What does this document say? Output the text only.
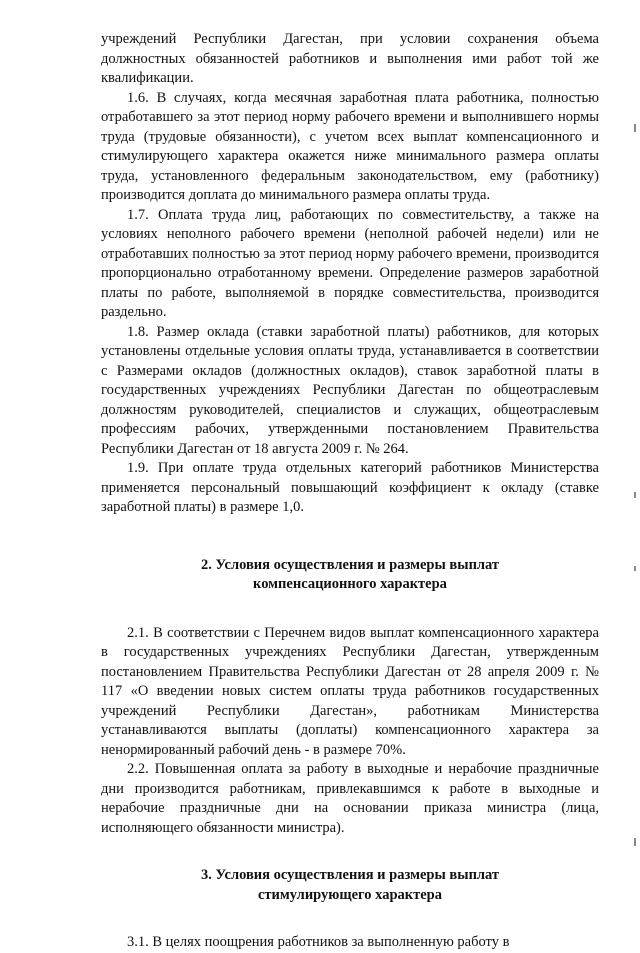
учреждений Республики Дагестан, при условии сохранения объема должностных обязанностей работников и выполнения ими работ той же квалификации.

1.6. В случаях, когда месячная заработная плата работника, полностью отработавшего за этот период норму рабочего времени и выполнившего нормы труда (трудовые обязанности), с учетом всех выплат компенсационного и стимулирующего характера окажется ниже минимального размера оплаты труда, установленного федеральным законодательством, ему (работнику) производится доплата до минимального размера оплаты труда.

1.7. Оплата труда лиц, работающих по совместительству, а также на условиях неполного рабочего времени (неполной рабочей недели) или не отработавших полностью за этот период норму рабочего времени, производится пропорционально отработанному времени. Определение размеров заработной платы по работе, выполняемой в порядке совместительства, производится раздельно.

1.8. Размер оклада (ставки заработной платы) работников, для которых установлены отдельные условия оплаты труда, устанавливается в соответствии с Размерами окладов (должностных окладов), ставок заработной платы в государственных учреждениях Республики Дагестан по общеотраслевым должностям руководителей, специалистов и служащих, общеотраслевым профессиям рабочих, утвержденными постановлением Правительства Республики Дагестан от 18 августа 2009 г. № 264.

1.9. При оплате труда отдельных категорий работников Министерства применяется персональный повышающий коэффициент к окладу (ставке заработной платы) в размере 1,0.

2. Условия осуществления и размеры выплат
компенсационного характера

2.1. В соответствии с Перечнем видов выплат компенсационного характера в государственных учреждениях Республики Дагестан, утвержденным постановлением Правительства Республики Дагестан от 28 апреля 2009 г. № 117 «О введении новых систем оплаты труда работников государственных учреждений Республики Дагестан», работникам Министерства устанавливаются выплаты (доплаты) компенсационного характера за ненормированный рабочий день - в размере 70%.

2.2. Повышенная оплата за работу в выходные и нерабочие праздничные дни производится работникам, привлекавшимся к работе в выходные и нерабочие праздничные дни на основании приказа министра (лица, исполняющего обязанности министра).

3. Условия осуществления и размеры выплат
стимулирующего характера

3.1. В целях поощрения работников за выполненную работу в
